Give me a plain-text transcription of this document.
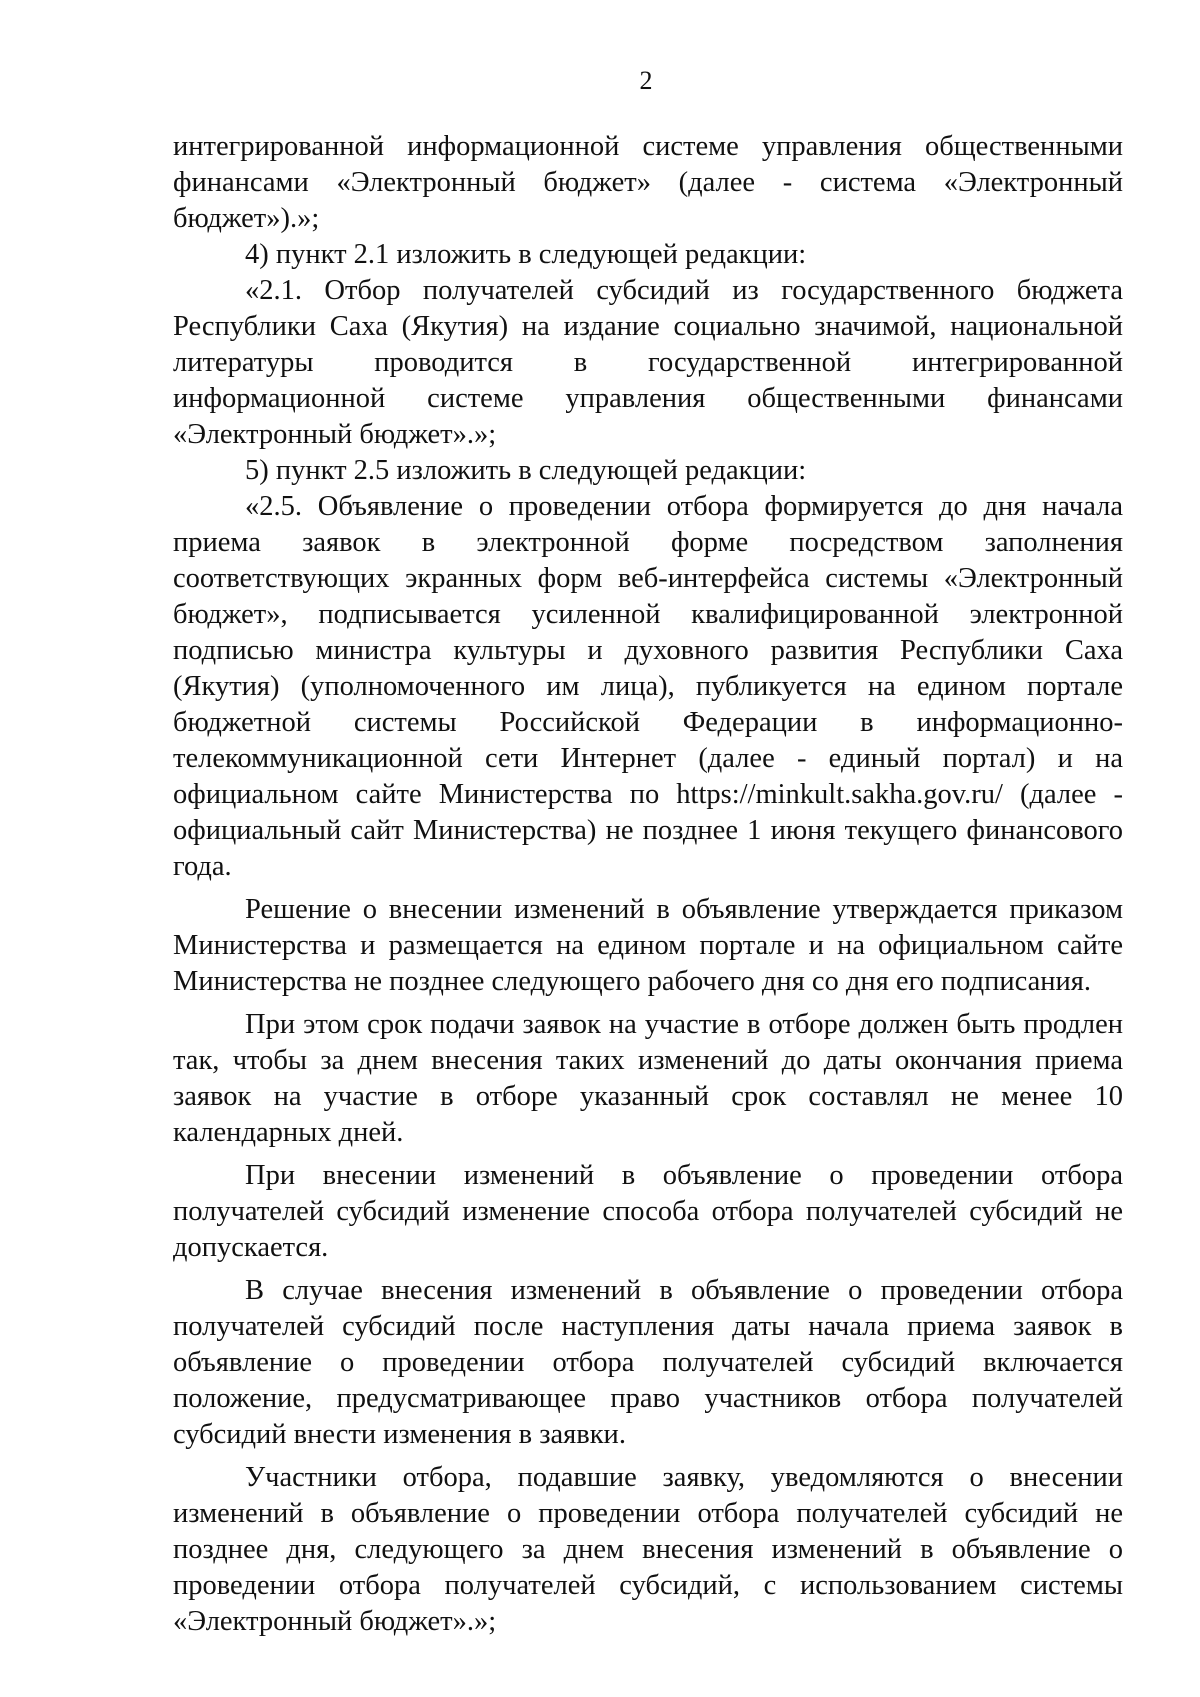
2

интегрированной информационной системе управления общественными финансами «Электронный бюджет» (далее - система «Электронный бюджет»).»;

4) пункт 2.1 изложить в следующей редакции:

«2.1. Отбор получателей субсидий из государственного бюджета Республики Саха (Якутия) на издание социально значимой, национальной литературы проводится в государственной интегрированной информационной системе управления общественными финансами «Электронный бюджет».»;

5) пункт 2.5 изложить в следующей редакции:

«2.5. Объявление о проведении отбора формируется до дня начала приема заявок в электронной форме посредством заполнения соответствующих экранных форм веб-интерфейса системы «Электронный бюджет», подписывается усиленной квалифицированной электронной подписью министра культуры и духовного развития Республики Саха (Якутия) (уполномоченного им лица), публикуется на едином портале бюджетной системы Российской Федерации в информационно-телекоммуникационной сети Интернет (далее - единый портал) и на официальном сайте Министерства по https://minkult.sakha.gov.ru/ (далее - официальный сайт Министерства) не позднее 1 июня текущего финансового года.

Решение о внесении изменений в объявление утверждается приказом Министерства и размещается на едином портале и на официальном сайте Министерства не позднее следующего рабочего дня со дня его подписания.

При этом срок подачи заявок на участие в отборе должен быть продлен так, чтобы за днем внесения таких изменений до даты окончания приема заявок на участие в отборе указанный срок составлял не менее 10 календарных дней.

При внесении изменений в объявление о проведении отбора получателей субсидий изменение способа отбора получателей субсидий не допускается.

В случае внесения изменений в объявление о проведении отбора получателей субсидий после наступления даты начала приема заявок в объявление о проведении отбора получателей субсидий включается положение, предусматривающее право участников отбора получателей субсидий внести изменения в заявки.

Участники отбора, подавшие заявку, уведомляются о внесении изменений в объявление о проведении отбора получателей субсидий не позднее дня, следующего за днем внесения изменений в объявление о проведении отбора получателей субсидий, с использованием системы «Электронный бюджет».»;
